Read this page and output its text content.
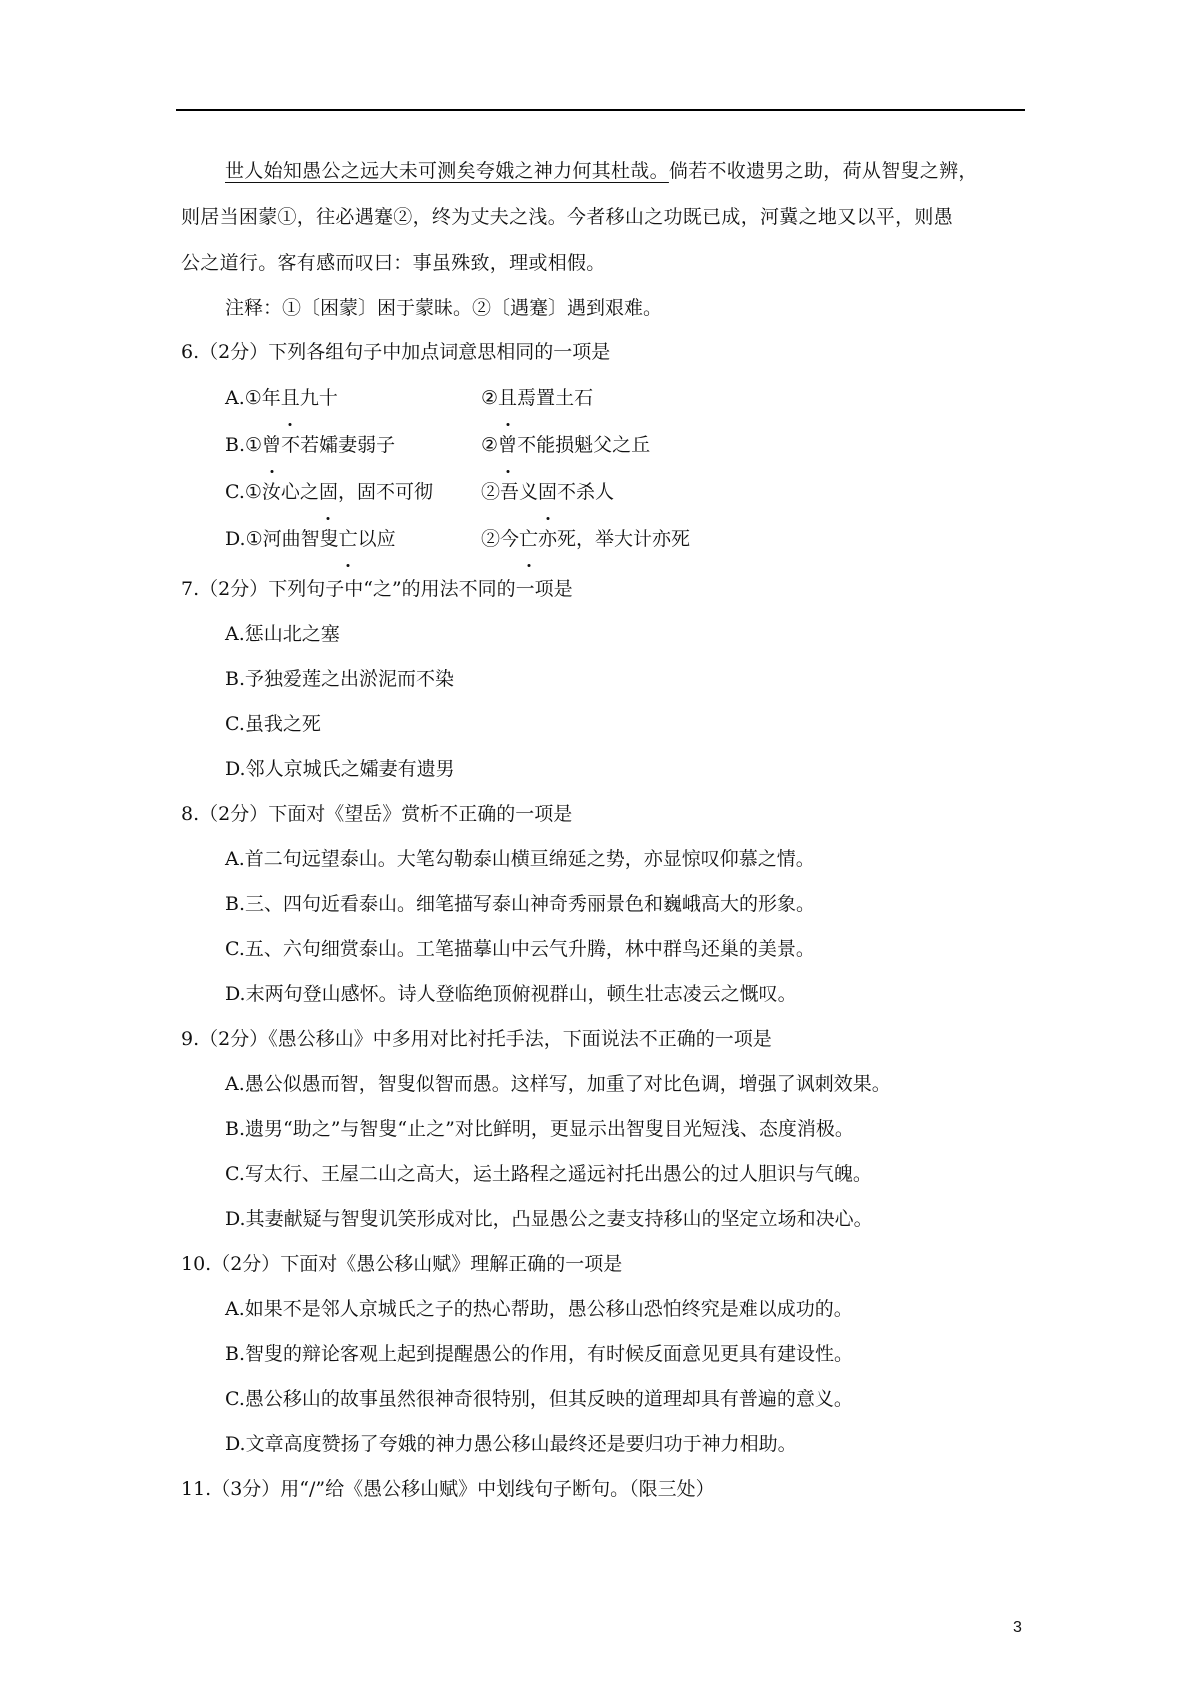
世人始知愚公之远大未可测矣夸娥之神力何其杜哉。倘若不收遗男之助，荷从智叟之辨，
则居当困蒙①，往必遇蹇②，终为丈夫之浅。今者移山之功既已成，河冀之地又以平，则愚
公之道行。客有感而叹曰：事虽殊致，理或相假。

注释：①〔困蒙〕困于蒙昧。②〔遇蹇〕遇到艰难。

6.（2分）下列各组句子中加点词意思相同的一项是

A.①年且九十	②且焉置土石
B.①曾不若孀妻弱子	②曾不能损魁父之丘
C.①汝心之固，固不可彻	②吾义固不杀人
D.①河曲智叟亡以应	②今亡亦死，举大计亦死

7.（2分）下列句子中“之”的用法不同的一项是

A.惩山北之塞

B.予独爱莲之出淤泥而不染

C.虽我之死

D.邻人京城氏之孀妻有遗男

8.（2分）下面对《望岳》赏析不正确的一项是

A.首二句远望泰山。大笔勾勒泰山横亘绵延之势，亦显惊叹仰慕之情。

B.三、四句近看泰山。细笔描写泰山神奇秀丽景色和巍峨高大的形象。

C.五、六句细赏泰山。工笔描摹山中云气升腾，林中群鸟还巢的美景。

D.末两句登山感怀。诗人登临绝顶俯视群山，顿生壮志凌云之慨叹。

9.（2分）《愚公移山》中多用对比衬托手法，下面说法不正确的一项是

A.愚公似愚而智，智叟似智而愚。这样写，加重了对比色调，增强了讽刺效果。

B.遗男“助之”与智叟“止之”对比鲜明，更显示出智叟目光短浅、态度消极。

C.写太行、王屋二山之高大，运土路程之遥远衬托出愚公的过人胆识与气魄。

D.其妻献疑与智叟讥笑形成对比，凸显愚公之妻支持移山的坚定立场和决心。

10.（2分）下面对《愚公移山赋》理解正确的一项是

A.如果不是邻人京城氏之子的热心帮助，愚公移山恐怕终究是难以成功的。

B.智叟的辩论客观上起到提醒愚公的作用，有时候反面意见更具有建设性。

C.愚公移山的故事虽然很神奇很特别，但其反映的道理却具有普遍的意义。

D.文章高度赞扬了夸娥的神力愚公移山最终还是要归功于神力相助。

11.（3分）用“/”给《愚公移山赋》中划线句子断句。（限三处）

3
